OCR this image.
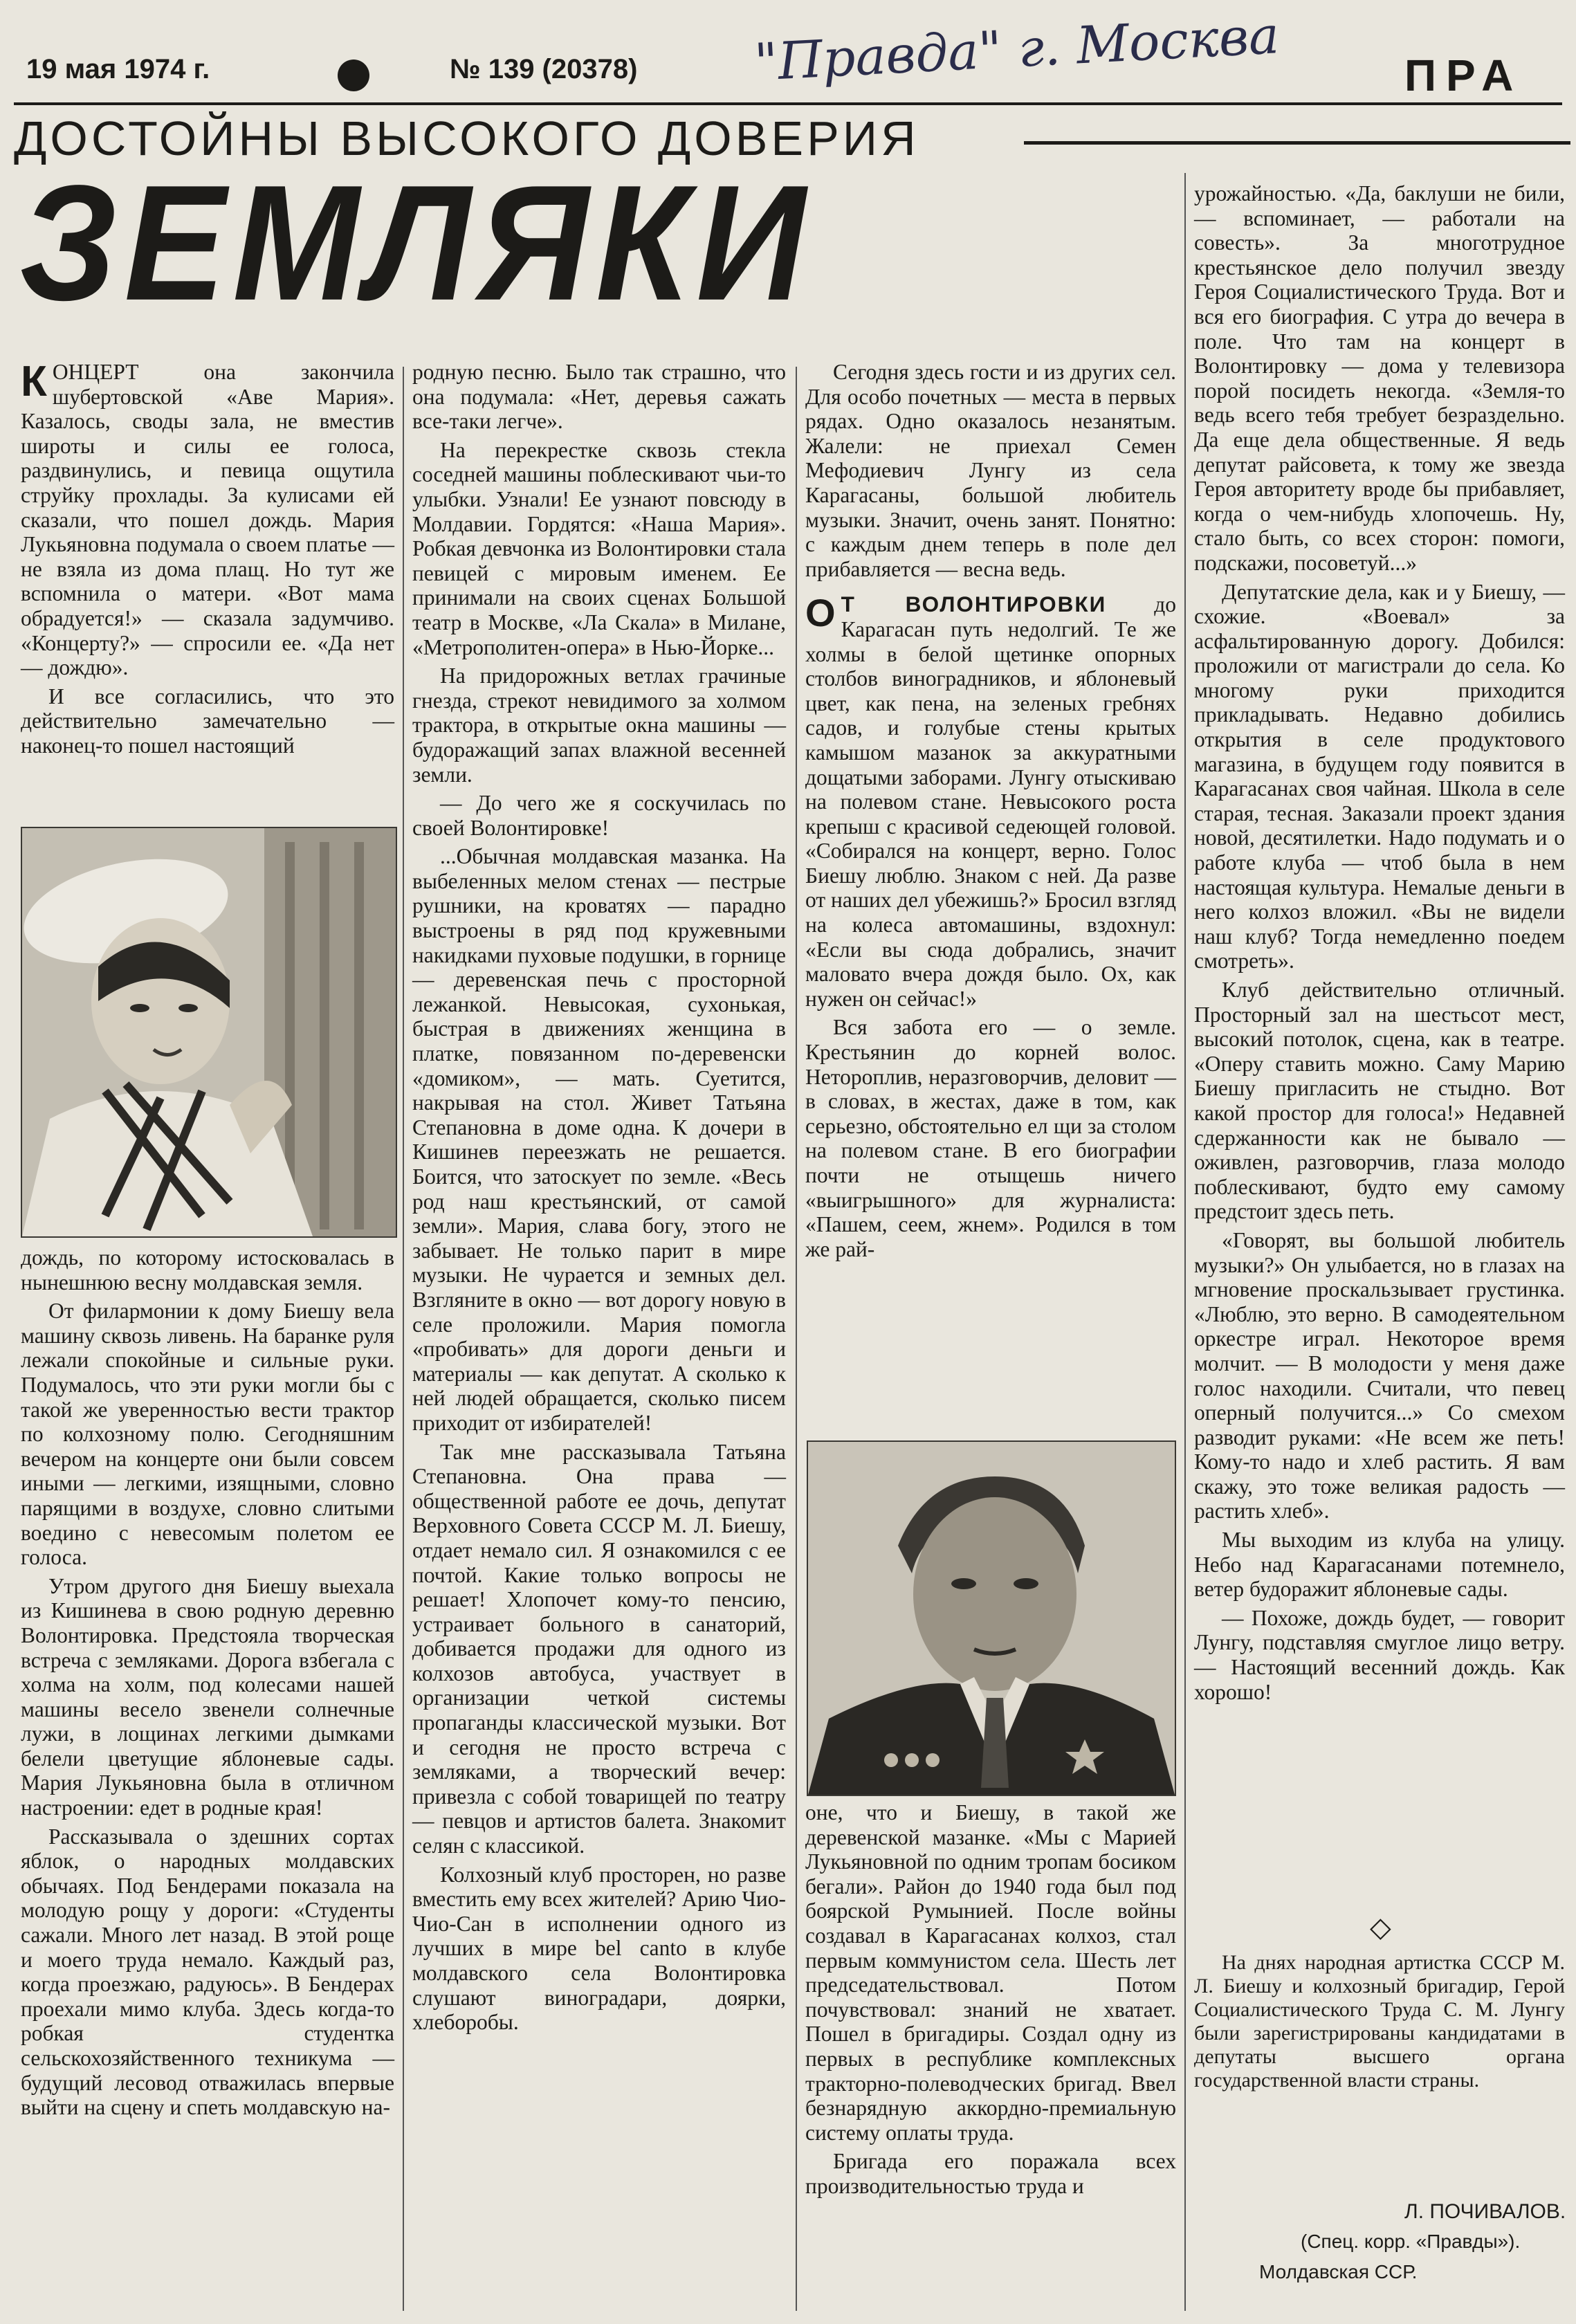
19 мая 1974 г.	№ 139 (20378) "Правда" г. Москва	ПРА
ДОСТОЙНЫ ВЫСОКОГО ДОВЕРИЯ
ЗЕМЛЯКИ

КОНЦЕРТ она закончила шубертовской «Аве Мария». Казалось, своды зала, не вместив широты и силы ее голоса, раздвинулись, и певица ощутила струйку прохлады. За кулисами ей сказали, что пошел дождь. Мария Лукьяновна подумала о своем платье — не взяла из дома плащ. Но тут же вспомнила о матери. «Вот мама обрадуется!» — сказала задумчиво. «Концерту?» — спросили ее. «Да нет — дождю».

И все согласились, что это действительно замечательно — наконец-то пошел настоящий

дождь, по которому истосковалась в нынешнюю весну молдавская земля.

От филармонии к дому Биешу вела машину сквозь ливень. На баранке руля лежали спокойные и сильные руки. Подумалось, что эти руки могли бы с такой же уверенностью вести трактор по колхозному полю. Сегодняшним вечером на концерте они были совсем иными — легкими, изящными, словно парящими в воздухе, словно слитыми воедино с невесомым полетом ее голоса.

Утром другого дня Биешу выехала из Кишинева в свою родную деревню Волонтировка. Предстояла творческая встреча с земляками. Дорога взбегала с холма на холм, под колесами нашей машины весело звенели солнечные лужи, в лощинах легкими дымками белели цветущие яблоневые сады. Мария Лукьяновна была в отличном настроении: едет в родные края!

Рассказывала о здешних сортах яблок, о народных молдавских обычаях. Под Бендерами показала на молодую рощу у дороги: «Студенты сажали. Много лет назад. В этой роще и моего труда немало. Каждый раз, когда проезжаю, радуюсь». В Бендерах проехали мимо клуба. Здесь когда-то робкая студентка сельскохозяйственного техникума — будущий лесовод отважилась впервые выйти на сцену и спеть молдавскую на-

родную песню. Было так страшно, что она подумала: «Нет, деревья сажать все-таки легче».

На перекрестке сквозь стекла соседней машины поблескивают чьи-то улыбки. Узнали! Ее узнают повсюду в Молдавии. Гордятся: «Наша Мария». Робкая девчонка из Волонтировки стала певицей с мировым именем. Ее принимали на своих сценах Большой театр в Москве, «Ла Скала» в Милане, «Метрополитен-опера» в Нью-Йорке...

На придорожных ветлах грачиные гнезда, стрекот невидимого за холмом трактора, в открытые окна машины — будоражащий запах влажной весенней земли.

— До чего же я соскучилась по своей Волонтировке!

...Обычная молдавская мазанка. На выбеленных мелом стенах — пестрые рушники, на кроватях — парадно выстроены в ряд под кружевными накидками пуховые подушки, в горнице — деревенская печь с просторной лежанкой. Невысокая, сухонькая, быстрая в движениях женщина в платке, повязанном по-деревенски «домиком», — мать. Суетится, накрывая на стол. Живет Татьяна Степановна в доме одна. К дочери в Кишинев переезжать не решается. Боится, что затоскует по земле. «Весь род наш крестьянский, от самой земли». Мария, слава богу, этого не забывает. Не только парит в мире музыки. Не чурается и земных дел. Взгляните в окно — вот дорогу новую в селе проложили. Мария помогла «пробивать» для дороги деньги и материалы — как депутат. А сколько к ней людей обращается, сколько писем приходит от избирателей!

Так мне рассказывала Татьяна Степановна. Она права — общественной работе ее дочь, депутат Верховного Совета СССР М. Л. Биешу, отдает немало сил. Я ознакомился с ее почтой. Какие только вопросы не решает! Хлопочет кому-то пенсию, устраивает больного в санаторий, добивается продажи для одного из колхозов автобуса, участвует в организации четкой системы пропаганды классической музыки. Вот и сегодня не просто встреча с земляками, а творческий вечер: привезла с собой товарищей по театру — певцов и артистов балета. Знакомит селян с классикой.

Колхозный клуб просторен, но разве вместить ему всех жителей? Арию Чио-Чио-Сан в исполнении одного из лучших в мире bel canto в клубе молдавского села Волонтировка слушают виноградари, доярки, хлеборобы.

Сегодня здесь гости и из других сел. Для особо почетных — места в первых рядах. Одно оказалось незанятым. Жалели: не приехал Семен Мефодиевич Лунгу из села Карагасаны, большой любитель музыки. Значит, очень занят. Понятно: с каждым днем теперь в поле дел прибавляется — весна ведь.

О Т ВОЛОНТИРОВКИ до Карагасан путь недолгий. Те же холмы в белой щетинке опорных столбов виноградников, и яблоневый цвет, как пена, на зеленых гребнях садов, и голубые стены крытых камышом мазанок за аккуратными дощатыми заборами. Лунгу отыскиваю на полевом стане. Невысокого роста крепыш с красивой седеющей головой. «Собирался на концерт, верно. Голос Биешу люблю. Знаком с ней. Да разве от наших дел убежишь?» Бросил взгляд на колеса автомашины, вздохнул: «Если вы сюда добрались, значит маловато вчера дождя было. Ох, как нужен он сейчас!»

Вся забота его — о земле. Крестьянин до корней волос. Нетороплив, неразговорчив, деловит — в словах, в жестах, даже в том, как серьезно, обстоятельно ел щи за столом на полевом стане. В его биографии почти не отыщешь ничего «выигрышного» для журналиста: «Пашем, сеем, жнем». Родился в том же рай-

оне, что и Биешу, в такой же деревенской мазанке. «Мы с Марией Лукьяновной по одним тропам босиком бегали». Район до 1940 года был под боярской Румынией. После войны создавал в Карагасанах колхоз, стал первым коммунистом села. Шесть лет председательствовал. Потом почувствовал: знаний не хватает. Пошел в бригадиры. Создал одну из первых в республике комплексных тракторно-полеводческих бригад. Ввел безнарядную аккордно-премиальную систему оплаты труда.

Бригада его поражала всех производительностью труда и

урожайностью. «Да, баклуши не били, — вспоминает, — работали на совесть». За многотрудное крестьянское дело получил звезду Героя Социалистического Труда. Вот и вся его биография. С утра до вечера в поле. Что там на концерт в Волонтировку — дома у телевизора порой посидеть некогда. «Земля-то ведь всего тебя требует безраздельно. Да еще дела общественные. Я ведь депутат райсовета, к тому же звезда Героя авторитету вроде бы прибавляет, когда о чем-нибудь хлопочешь. Ну, стало быть, со всех сторон: помоги, подскажи, посоветуй...»

Депутатские дела, как и у Биешу, — схожие. «Воевал» за асфальтированную дорогу. Добился: проложили от магистрали до села. Ко многому руки приходится прикладывать. Недавно добились открытия в селе продуктового магазина, в будущем году появится в Карагасанах своя чайная. Школа в селе старая, тесная. Заказали проект здания новой, десятилетки. Надо подумать и о работе клуба — чтоб была в нем настоящая культура. Немалые деньги в него колхоз вложил. «Вы не видели наш клуб? Тогда немедленно поедем смотреть».

Клуб действительно отличный. Просторный зал на шестьсот мест, высокий потолок, сцена, как в театре. «Оперу ставить можно. Саму Марию Биешу пригласить не стыдно. Вот какой простор для голоса!» Недавней сдержанности как не бывало — оживлен, разговорчив, глаза молодо поблескивают, будто ему самому предстоит здесь петь.

«Говорят, вы большой любитель музыки?» Он улыбается, но в глазах на мгновение проскальзывает грустинка. «Люблю, это верно. В самодеятельном оркестре играл. Некоторое время молчит. — В молодости у меня даже голос находили. Считали, что певец оперный получится...» Со смехом разводит руками: «Не всем же петь! Кому-то надо и хлеб растить. Я вам скажу, это тоже великая радость — растить хлеб».

Мы выходим из клуба на улицу. Небо над Карагасанами потемнело, ветер будоражит яблоневые сады.

— Похоже, дождь будет, — говорит Лунгу, подставляя смуглое лицо ветру. — Настоящий весенний дождь. Как хорошо!

◇

На днях народная артистка СССР М. Л. Биешу и колхозный бригадир, Герой Социалистического Труда С. М. Лунгу были зарегистрированы кандидатами в депутаты высшего органа государственной власти страны.

Л. ПОЧИВАЛОВ.
(Спец. корр. «Правды»).
Молдавская ССР.
